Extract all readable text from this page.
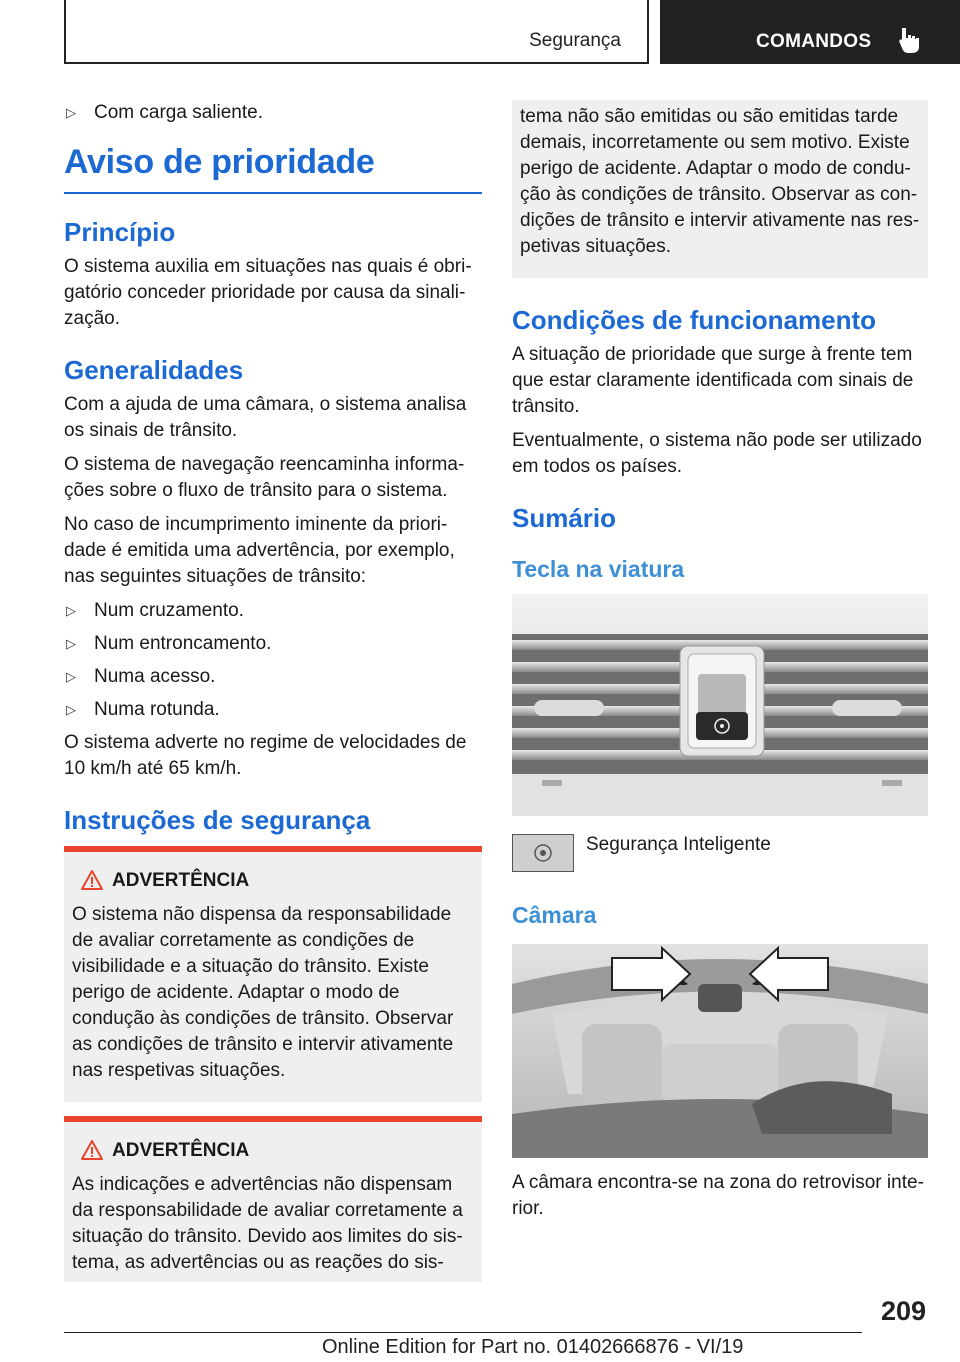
Segurança	COMANDOS
▷ Com carga saliente.
Aviso de prioridade
Princípio

O sistema auxilia em situações nas quais é obrigatório conceder prioridade por causa da sinalização.

Generalidades

Com a ajuda de uma câmara, o sistema analisa os sinais de trânsito.

O sistema de navegação reencaminha informações sobre o fluxo de trânsito para o sistema.

No caso de incumprimento iminente da prioridade é emitida uma advertência, por exemplo, nas seguintes situações de trânsito:

▷ Num cruzamento.
▷ Num entroncamento.
▷ Numa acesso.
▷ Numa rotunda.

O sistema adverte no regime de velocidades de 10 km/h até 65 km/h.

Instruções de segurança
ADVERTÊNCIA

O sistema não dispensa da responsabilidade de avaliar corretamente as condições de visibilidade e a situação do trânsito. Existe perigo de acidente. Adaptar o modo de condução às condições de trânsito. Observar as condições de trânsito e intervir ativamente nas respetivas situações.

ADVERTÊNCIA

As indicações e advertências não dispensam da responsabilidade de avaliar corretamente a situação do trânsito. Devido aos limites do sistema, as advertências ou as reações do sis-

tema não são emitidas ou são emitidas tarde demais, incorretamente ou sem motivo. Existe perigo de acidente. Adaptar o modo de condução às condições de trânsito. Observar as condições de trânsito e intervir ativamente nas respetivas situações.

Condições de funcionamento

A situação de prioridade que surge à frente tem que estar claramente identificada com sinais de trânsito.

Eventualmente, o sistema não pode ser utilizado em todos os países.

Sumário
Tecla na viatura
Segurança Inteligente
Câmara

A câmara encontra-se na zona do retrovisor interior.

209
Online Edition for Part no. 01402666876 - VI/19
